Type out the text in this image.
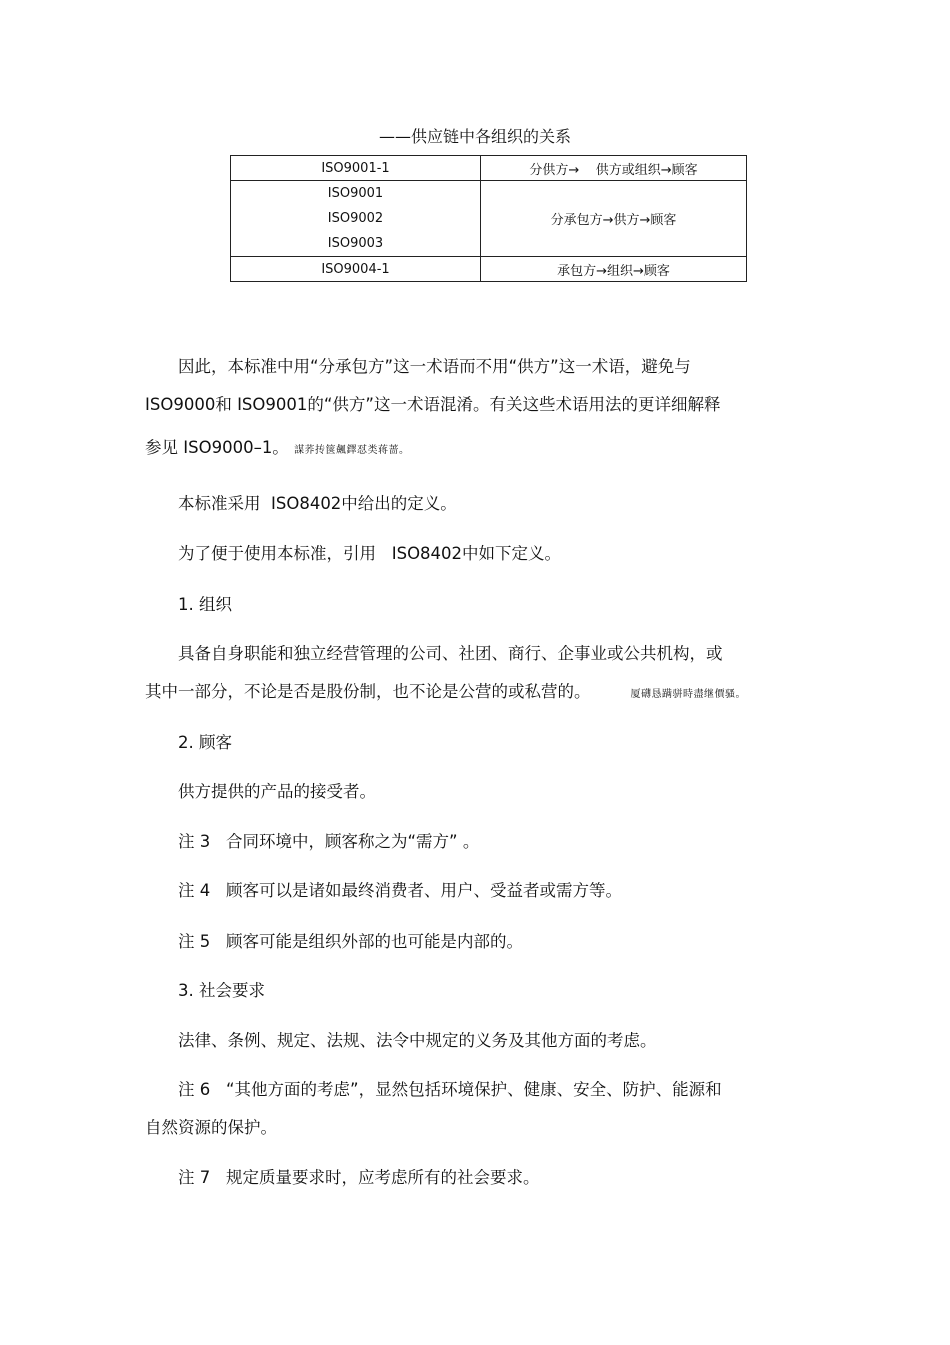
——供应链中各组织的关系
ISO9001-1	分供方→    供方或组织→顾客

ISO9001
ISO9002
ISO9003	分承包方→供方→顾客
ISO9004-1	承包方→组织→顾客
因此，本标准中用“分承包方”这一术语而不用“供方”这一术语，避免与
ISO9000和 ISO9001的“供方”这一术语混淆。有关这些术语用法的更详细解释
参见 ISO9000–1。 謀荞抟箧飆鐸怼类蒋蔷。
本标准采用  ISO8402中给出的定义。
为了便于使用本标准，引用   ISO8402中如下定义。
1. 组织
具备自身职能和独立经营管理的公司、社团、商行、企事业或公共机构，或
其中一部分，不论是否是股份制，也不论是公营的或私营的。	厦礴恳蹒骈時盡继價骚。
2. 顾客
供方提供的产品的接受者。
注 3   合同环境中，顾客称之为“需方” 。
注 4   顾客可以是诸如最终消费者、用户、受益者或需方等。
注 5   顾客可能是组织外部的也可能是内部的。
3. 社会要求
法律、条例、规定、法规、法令中规定的义务及其他方面的考虑。
注 6   “其他方面的考虑”，显然包括环境保护、健康、安全、防护、能源和
自然资源的保护。
注 7   规定质量要求时，应考虑所有的社会要求。
